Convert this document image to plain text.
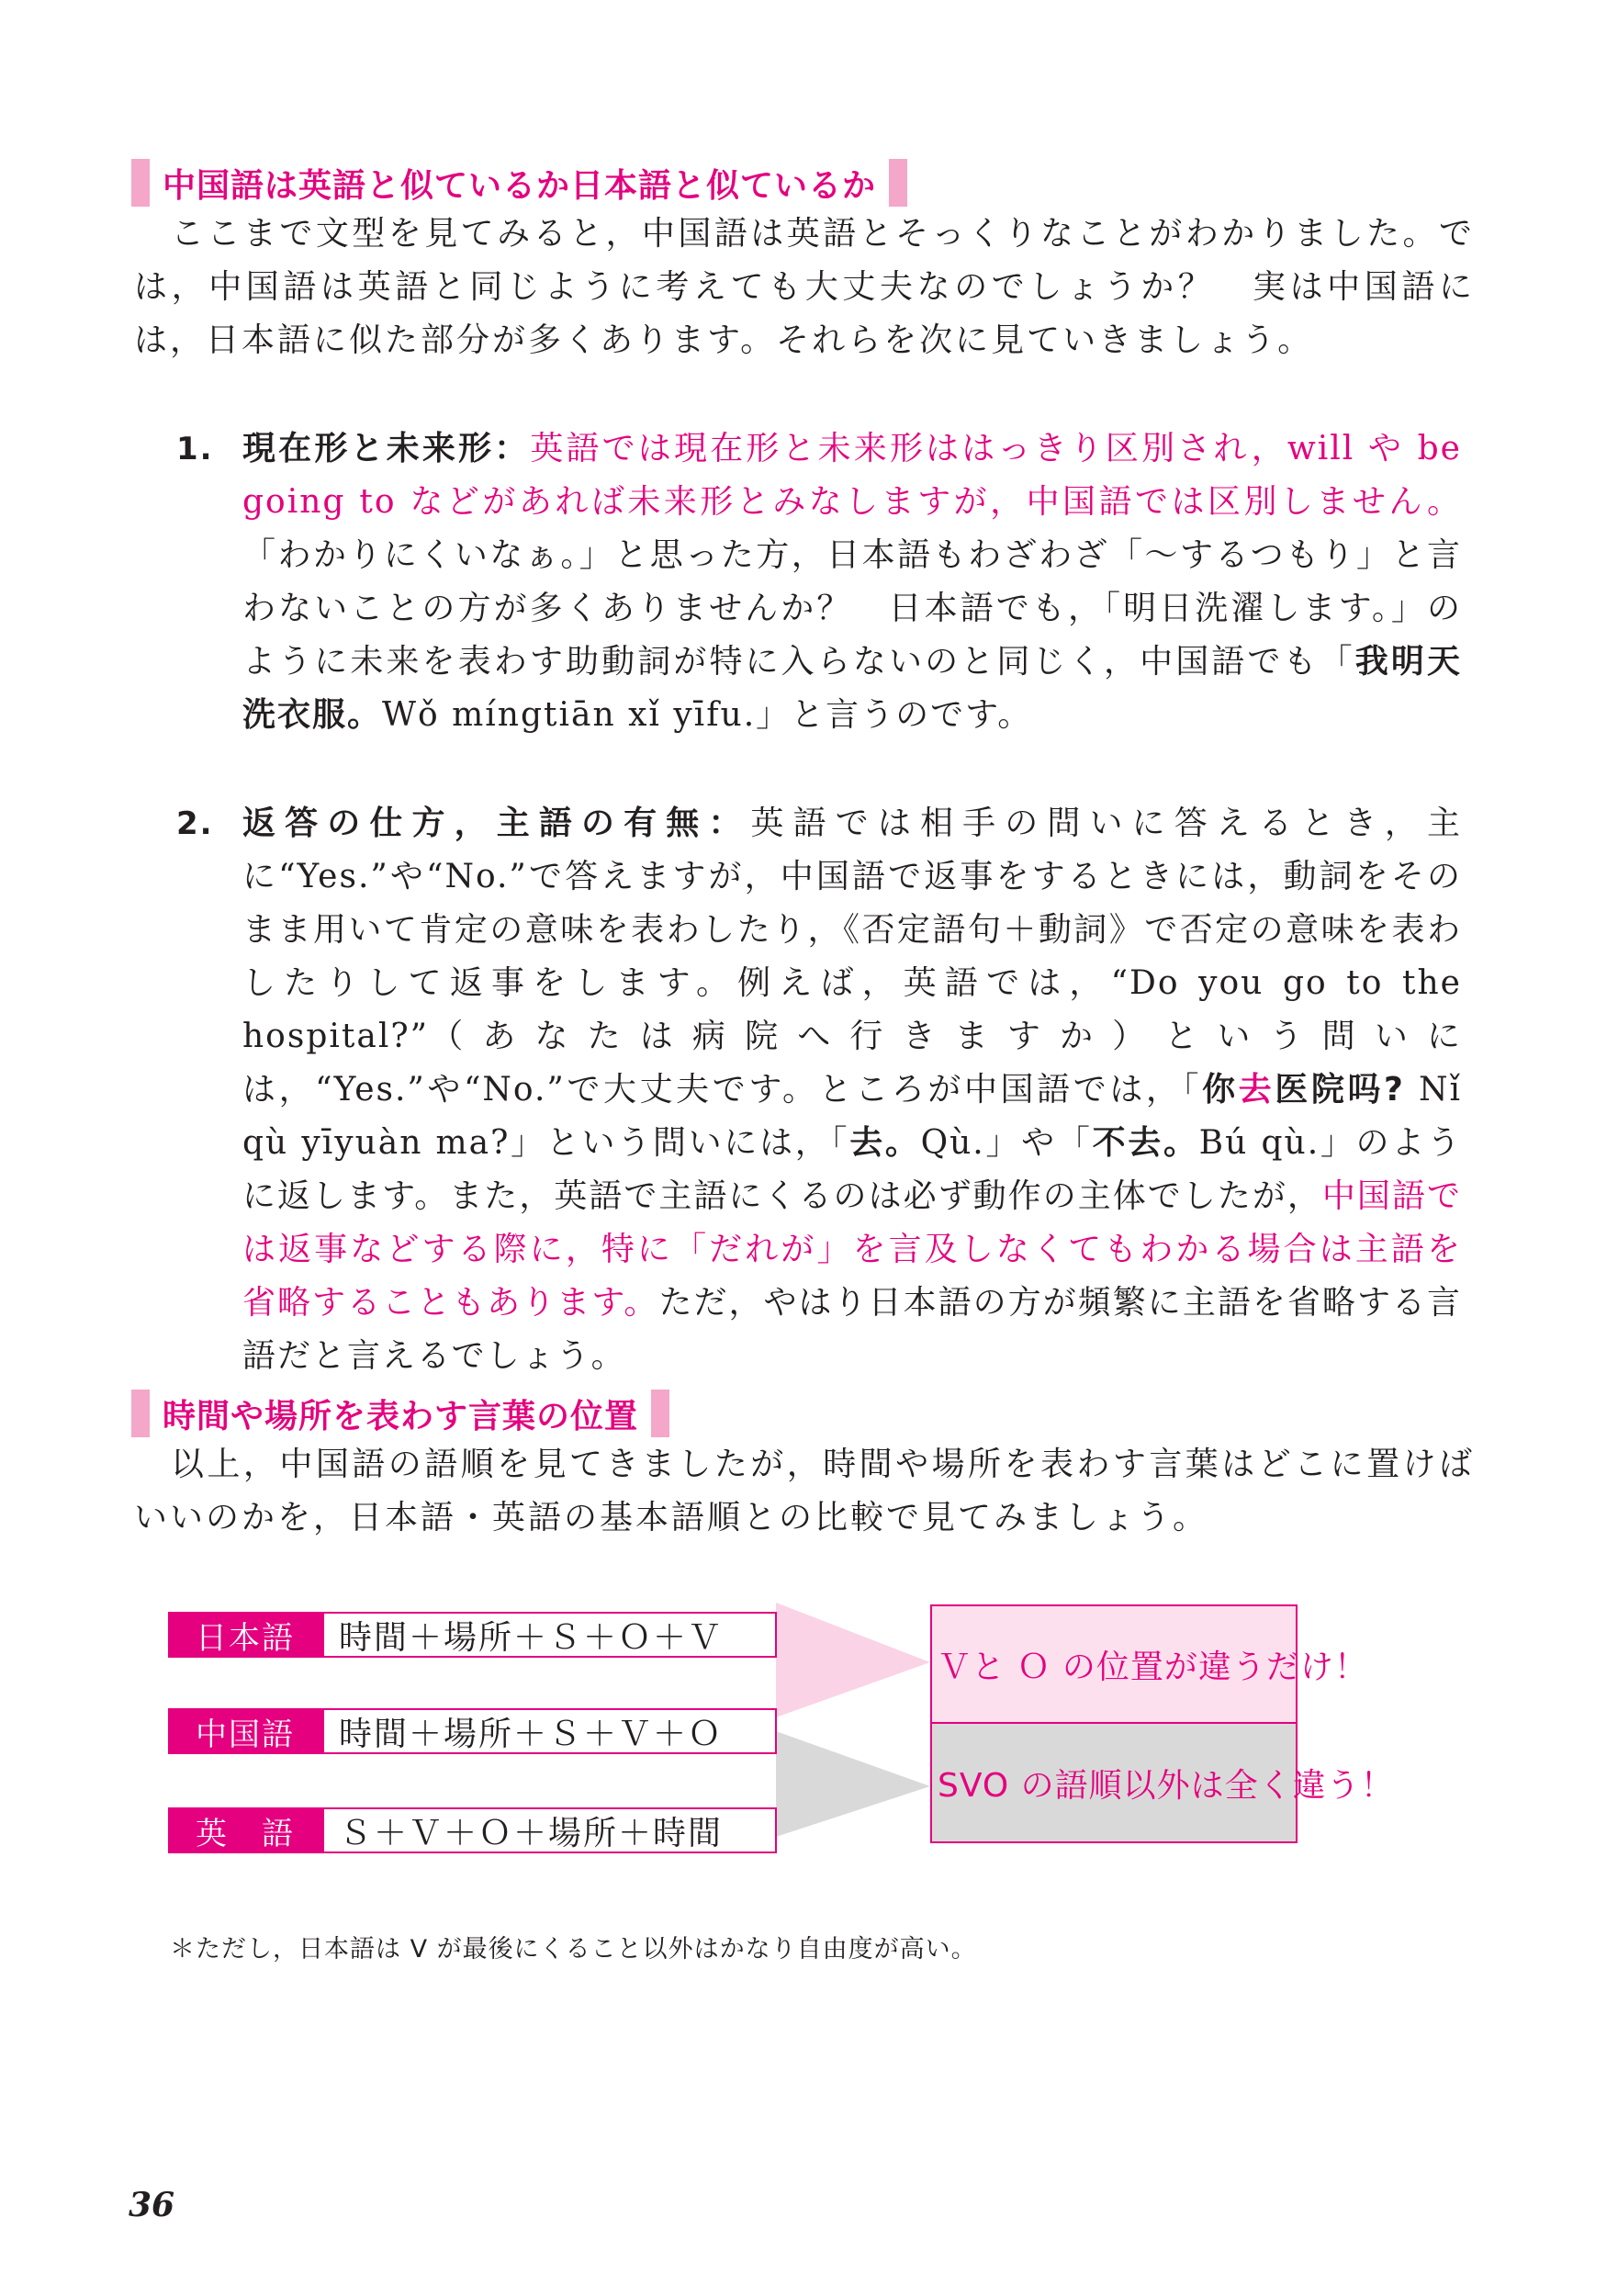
中国語は英語と似ているか日本語と似ているか
ここまで文型を見てみると，中国語は英語とそっくりなことがわかりました。では，中国語は英語と同じように考えても大丈夫なのでしょうか？　実は中国語には，日本語に似た部分が多くあります。それらを次に見ていきましょう。
1. 現在形と未来形：英語では現在形と未来形ははっきり区別され，will や be going to などがあれば未来形とみなしますが，中国語では区別しません。「わかりにくいなぁ。」と思った方，日本語もわざわざ「～するつもり」と言わないことの方が多くありませんか？　日本語でも，「明日洗濯します。」のように未来を表わす助動詞が特に入らないのと同じく，中国語でも「我明天洗衣服。Wǒ míngtiān xǐ yīfu.」と言うのです。
2. 返答の仕方，主語の有無：英語では相手の問いに答えるとき，主に“Yes.”や“No.”で答えますが，中国語で返事をするときには，動詞をそのまま用いて肯定の意味を表わしたり，《否定語句＋動詞》で否定の意味を表わしたりして返事をします。例えば，英語では，“Do you go to the hospital?”（あなたは病院へ行きますか）という問いには，“Yes.”や“No.”で大丈夫です。ところが中国語では，「你去医院吗? Nǐ qù yīyuàn ma?」という問いには，「去。Qù.」や「不去。Bú qù.」のように返します。また，英語で主語にくるのは必ず動作の主体でしたが，中国語では返事などする際に，特に「だれが」を言及しなくてもわかる場合は主語を省略することもあります。ただ，やはり日本語の方が頻繁に主語を省略する言語だと言えるでしょう。
時間や場所を表わす言葉の位置
以上，中国語の語順を見てきましたが，時間や場所を表わす言葉はどこに置けばいいのかを，日本語・英語の基本語順との比較で見てみましょう。
日本語	時間＋場所＋Ｓ＋Ｏ＋Ｖ
中国語	時間＋場所＋Ｓ＋Ｖ＋Ｏ
英　語	Ｓ＋Ｖ＋Ｏ＋場所＋時間
Ｖと Ｏ の位置が違うだけ！
SVO の語順以外は全く違う！
＊ただし，日本語は V が最後にくること以外はかなり自由度が高い。
36
